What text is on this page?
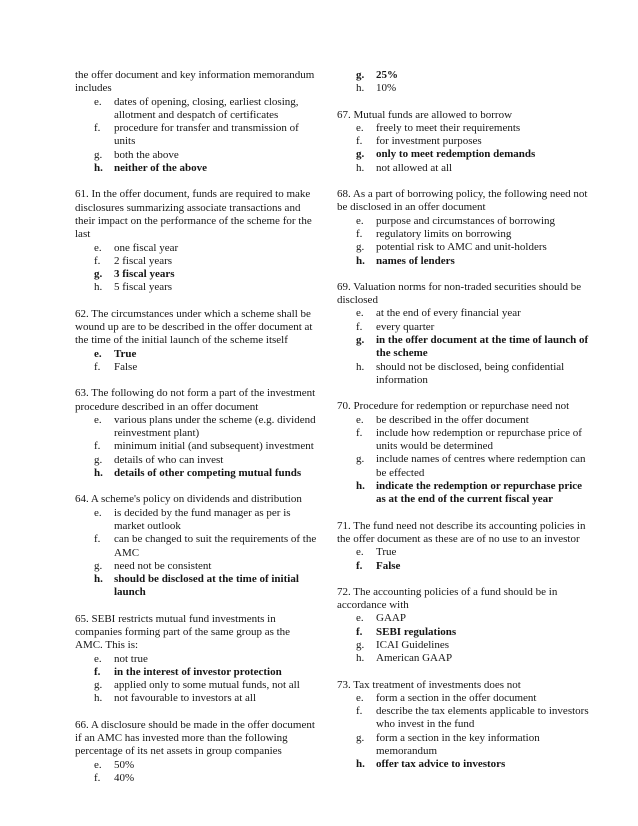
the offer document and key information memorandum includes
e.	dates of opening, closing, earliest closing, allotment and despatch of certificates
f.	procedure for transfer and transmission of units
g.	both the above
h.	neither of the above
61. In the offer document, funds are required to make disclosures summarizing associate transactions and their impact on the performance of the scheme for the last
e.	one fiscal year
f.	2 fiscal years
g.	3 fiscal years
h.	5 fiscal years
62. The circumstances under which a scheme shall be wound up are to be described in the offer document at the time of the initial launch of the scheme itself
e.	True
f.	False
63. The following do not form a part of the investment procedure described in an offer document
e.	various plans under the scheme (e.g. dividend reinvestment plant)
f.	minimum initial (and subsequent) investment
g.	details of who can invest
h.	details of other competing mutual funds
64. A scheme's policy on dividends and distribution
e.	is decided by the fund manager as per is market outlook
f.	can be changed to suit the requirements of the AMC
g.	need not be consistent
h.	should be disclosed at the time of initial launch
65. SEBI restricts mutual fund investments in companies forming part of the same group as the AMC. This is:
e.	not true
f.	in the interest of investor protection
g.	applied only to some mutual funds, not all
h.	not favourable to investors at all
66. A disclosure should be made in the offer document if an AMC has invested more than the following percentage of its net assets in group companies
e.	50%
f.	40%
g.	25%
h.	10%
67. Mutual funds are allowed to borrow
e.	freely to meet their requirements
f.	for investment purposes
g.	only to meet redemption demands
h.	not allowed at all
68. As a part of borrowing policy, the following need not be disclosed in an offer document
e.	purpose and circumstances of borrowing
f.	regulatory limits on borrowing
g.	potential risk to AMC and unit-holders
h.	names of lenders
69. Valuation norms for non-traded securities should be disclosed
e.	at the end of every financial year
f.	every quarter
g.	in the offer document at the time of launch of the scheme
h.	should not be disclosed, being confidential information
70. Procedure for redemption or repurchase need not
e.	be described in the offer document
f.	include how redemption or repurchase price of units would be determined
g.	include names of centres where redemption can be effected
h.	indicate the redemption or repurchase price as at the end of the current fiscal year
71. The fund need not describe its accounting policies in the offer document as these are of no use to an investor
e.	True
f.	False
72. The accounting policies of a fund should be in accordance with
e.	GAAP
f.	SEBI regulations
g.	ICAI Guidelines
h.	American GAAP
73. Tax treatment of investments does not
e.	form a section in the offer document
f.	describe the tax elements applicable to investors who invest in the fund
g.	form a section in the key information memorandum
h.	offer tax advice to investors
